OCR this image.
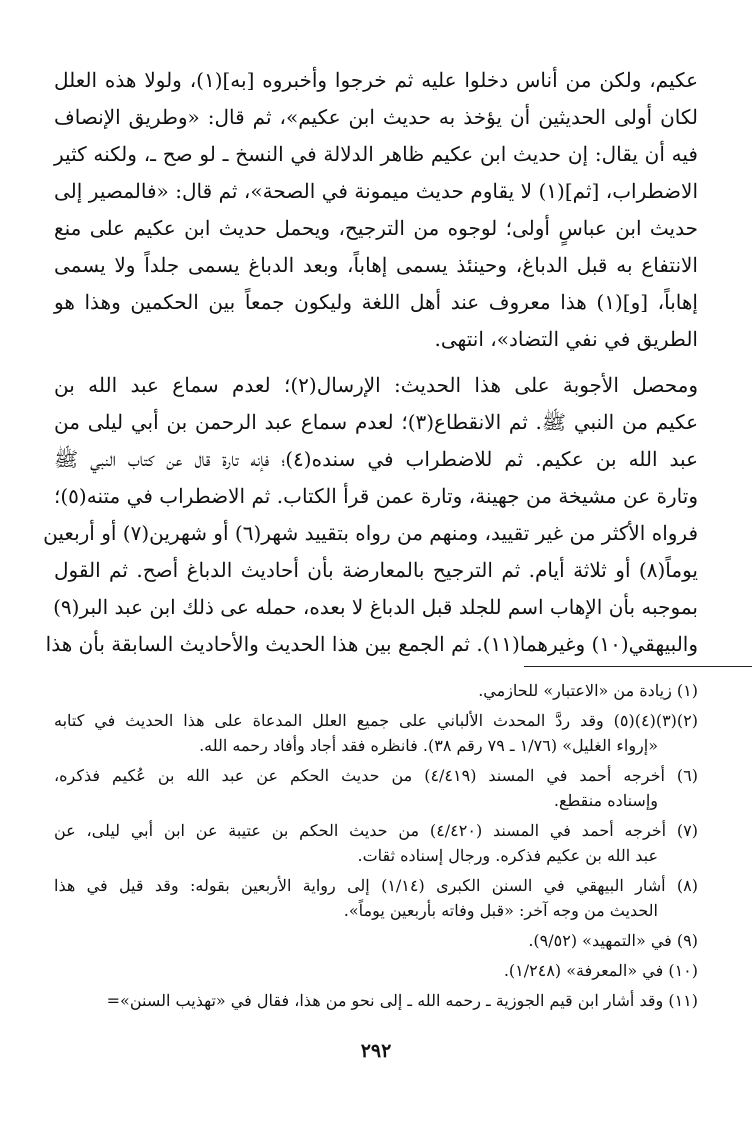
عكيم، ولكن من أناس دخلوا عليه ثم خرجوا وأخبروه [به](١)، ولولا هذه العلل
لكان أولى الحديثين أن يؤخذ به حديث ابن عكيم»، ثم قال: «وطريق الإنصاف
فيه أن يقال: إن حديث ابن عكيم ظاهر الدلالة في النسخ ـ لو صح ـ، ولكنه كثير
الاضطراب، [ثم](١) لا يقاوم حديث ميمونة في الصحة»، ثم قال: «فالمصير إلى
حديث ابن عباسٍ أولى؛ لوجوه من الترجيح، ويحمل حديث ابن عكيم على منع
الانتفاع به قبل الدباغ، وحينئذ يسمى إهاباً، وبعد الدباغ يسمى جلداً ولا يسمى
إهاباً، [و](١) هذا معروف عند أهل اللغة وليكون جمعاً بين الحكمين وهذا هو
الطريق في نفي التضاد»، انتهى.
ومحصل الأجوبة على هذا الحديث: الإرسال(٢)؛ لعدم سماع عبد الله بن
عكيم من النبي ﷺ. ثم الانقطاع(٣)؛ لعدم سماع عبد الرحمن بن أبي ليلى من
عبد الله بن عكيم. ثم للاضطراب في سنده(٤)؛ فإنه تارة قال عن كتاب النبي ﷺ
وتارة عن مشيخة من جهينة، وتارة عمن قرأ الكتاب. ثم الاضطراب في متنه(٥)؛
فرواه الأكثر من غير تقييد، ومنهم من رواه بتقييد شهر(٦) أو شهرين(٧) أو أربعين
يوماً(٨) أو ثلاثة أيام. ثم الترجيح بالمعارضة بأن أحاديث الدباغ أصح. ثم القول
بموجبه بأن الإهاب اسم للجلد قبل الدباغ لا بعده، حمله عى ذلك ابن عبد البر(٩)
والبيهقي(١٠) وغيرهما(١١). ثم الجمع بين هذا الحديث والأحاديث السابقة بأن هذا
(١) زيادة من «الاعتبار» للحازمي.
(٢)(٣)(٤)(٥) وقد ردَّ المحدث الألباني على جميع العلل المدعاة على هذا الحديث في كتابه
«إرواء الغليل» (١/٧٦ ـ ٧٩ رقم ٣٨). فانظره فقد أجاد وأفاد رحمه الله.
(٦) أخرجه أحمد في المسند (٤/٤١٩) من حديث الحكم عن عبد الله بن عُكيم فذكره،
وإسناده منقطع.
(٧) أخرجه أحمد في المسند (٤/٤٢٠) من حديث الحكم بن عتيبة عن ابن أبي ليلى، عن
عبد الله بن عكيم فذكره. ورجال إسناده ثقات.
(٨) أشار البيهقي في السنن الكبرى (١/١٤) إلى رواية الأربعين بقوله: وقد قيل في هذا
الحديث من وجه آخر: «قبل وفاته بأربعين يوماً».
(٩) في «التمهيد» (٩/٥٢).
(١٠) في «المعرفة» (١/٢٤٨).
(١١) وقد أشار ابن قيم الجوزية ـ رحمه الله ـ إلى نحو من هذا، فقال في «تهذيب السنن»=
٢٩٢
